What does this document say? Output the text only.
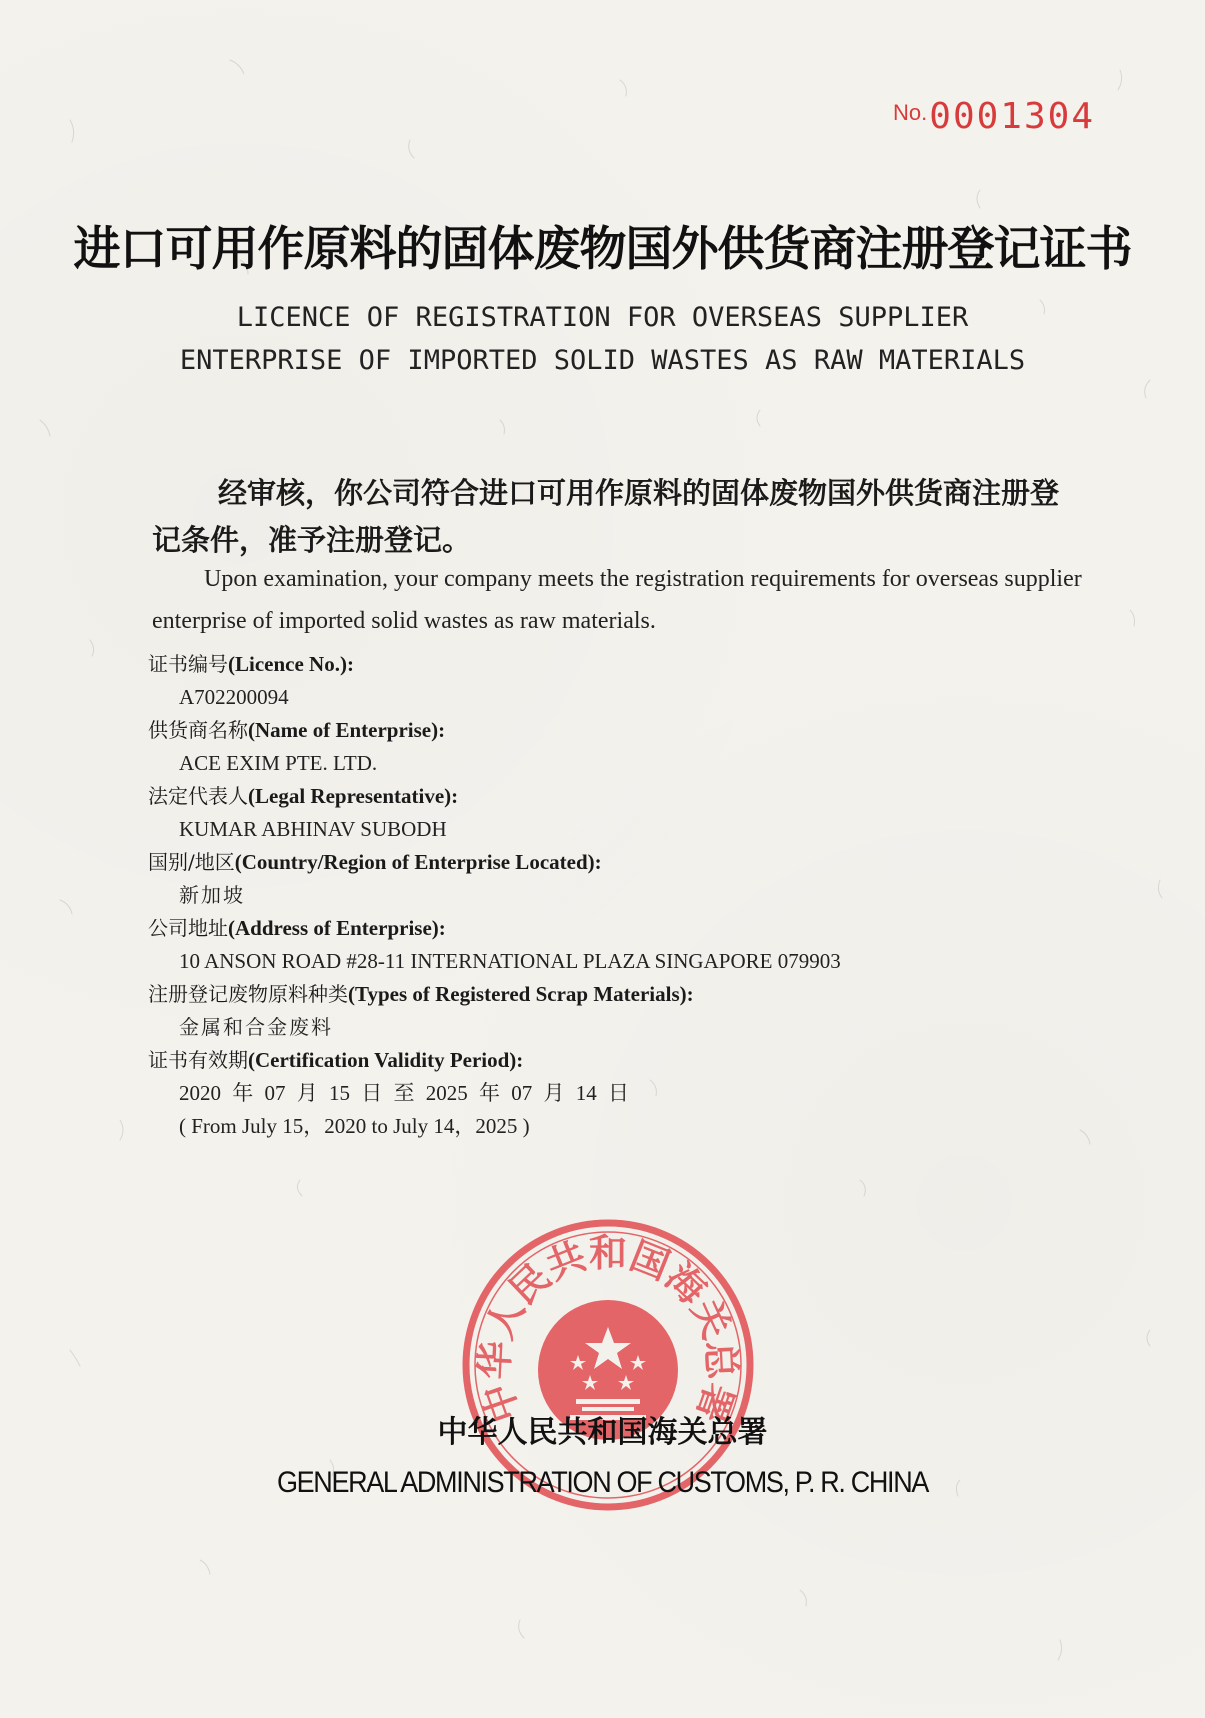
No.0001304
进口可用作原料的固体废物国外供货商注册登记证书
LICENCE OF REGISTRATION FOR OVERSEAS SUPPLIER
ENTERPRISE OF IMPORTED SOLID WASTES AS RAW MATERIALS
经审核，你公司符合进口可用作原料的固体废物国外供货商注册登记条件，准予注册登记。
Upon examination, your company meets the registration requirements for overseas supplier enterprise of imported solid wastes as raw materials.
证书编号(Licence No.):
A702200094
供货商名称(Name of Enterprise):
ACE EXIM PTE. LTD.
法定代表人(Legal Representative):
KUMAR ABHINAV SUBODH
国别/地区(Country/Region of Enterprise Located):
新加坡
公司地址(Address of Enterprise):
10 ANSON ROAD #28-11 INTERNATIONAL PLAZA SINGAPORE 079903
注册登记废物原料种类(Types of Registered Scrap Materials):
金属和合金废料
证书有效期(Certification Validity Period):
2020 年 07 月 15 日 至 2025 年 07 月 14 日
( From July 15，2020 to July 14，2025 )
中华人民共和国海关总署
中华人民共和国海关总署
GENERAL ADMINISTRATION OF CUSTOMS, P. R. CHINA
